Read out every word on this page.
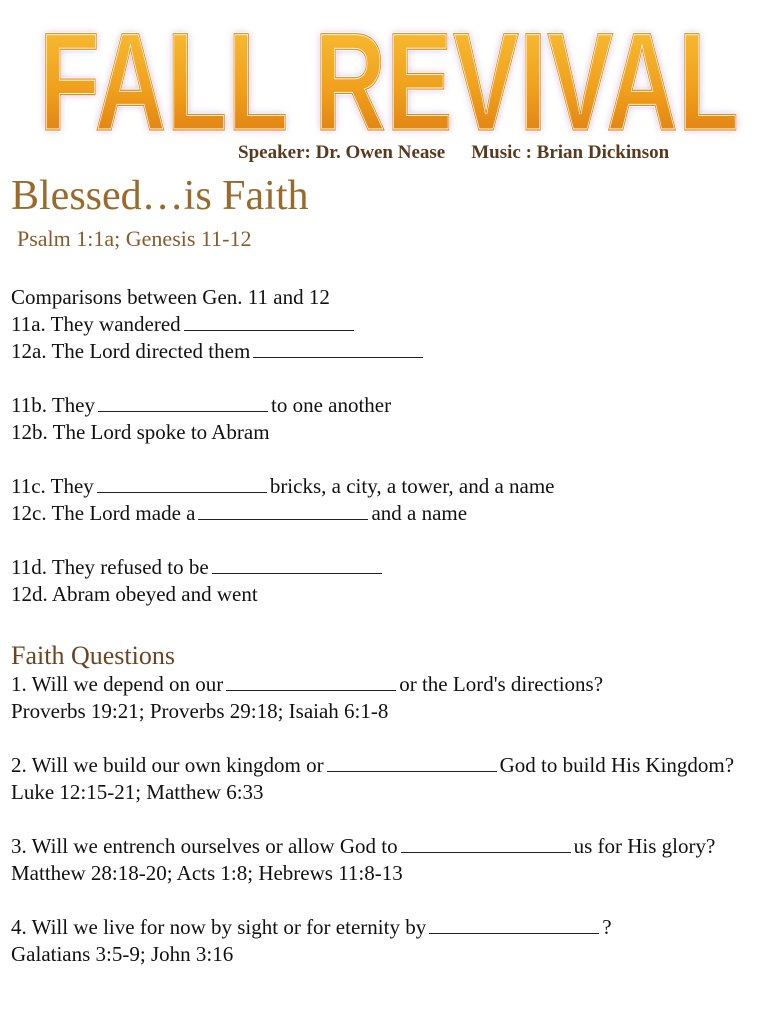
FALL REVIVAL
FALL REVIVAL
FALL REVIVAL
Speaker: Dr. Owen Nease Music : Brian Dickinson
Blessed…is Faith
Psalm 1:1a; Genesis 11-12
Comparisons between Gen. 11 and 12
11a. They wandered
12a. The Lord directed them
11b. They	to one another
12b. The Lord spoke to Abram
11c. They	bricks, a city, a tower, and a name
12c. The Lord made a	and a name
11d. They refused to be
12d. Abram obeyed and went
Faith Questions
1. Will we depend on our	or the Lord's directions?
Proverbs 19:21; Proverbs 29:18; Isaiah 6:1-8
2. Will we build our own kingdom or	God to build His Kingdom?
Luke 12:15-21; Matthew 6:33
3. Will we entrench ourselves or allow God to	us for His glory?
Matthew 28:18-20; Acts 1:8; Hebrews 11:8-13
4. Will we live for now by sight or for eternity by	?
Galatians 3:5-9; John 3:16
